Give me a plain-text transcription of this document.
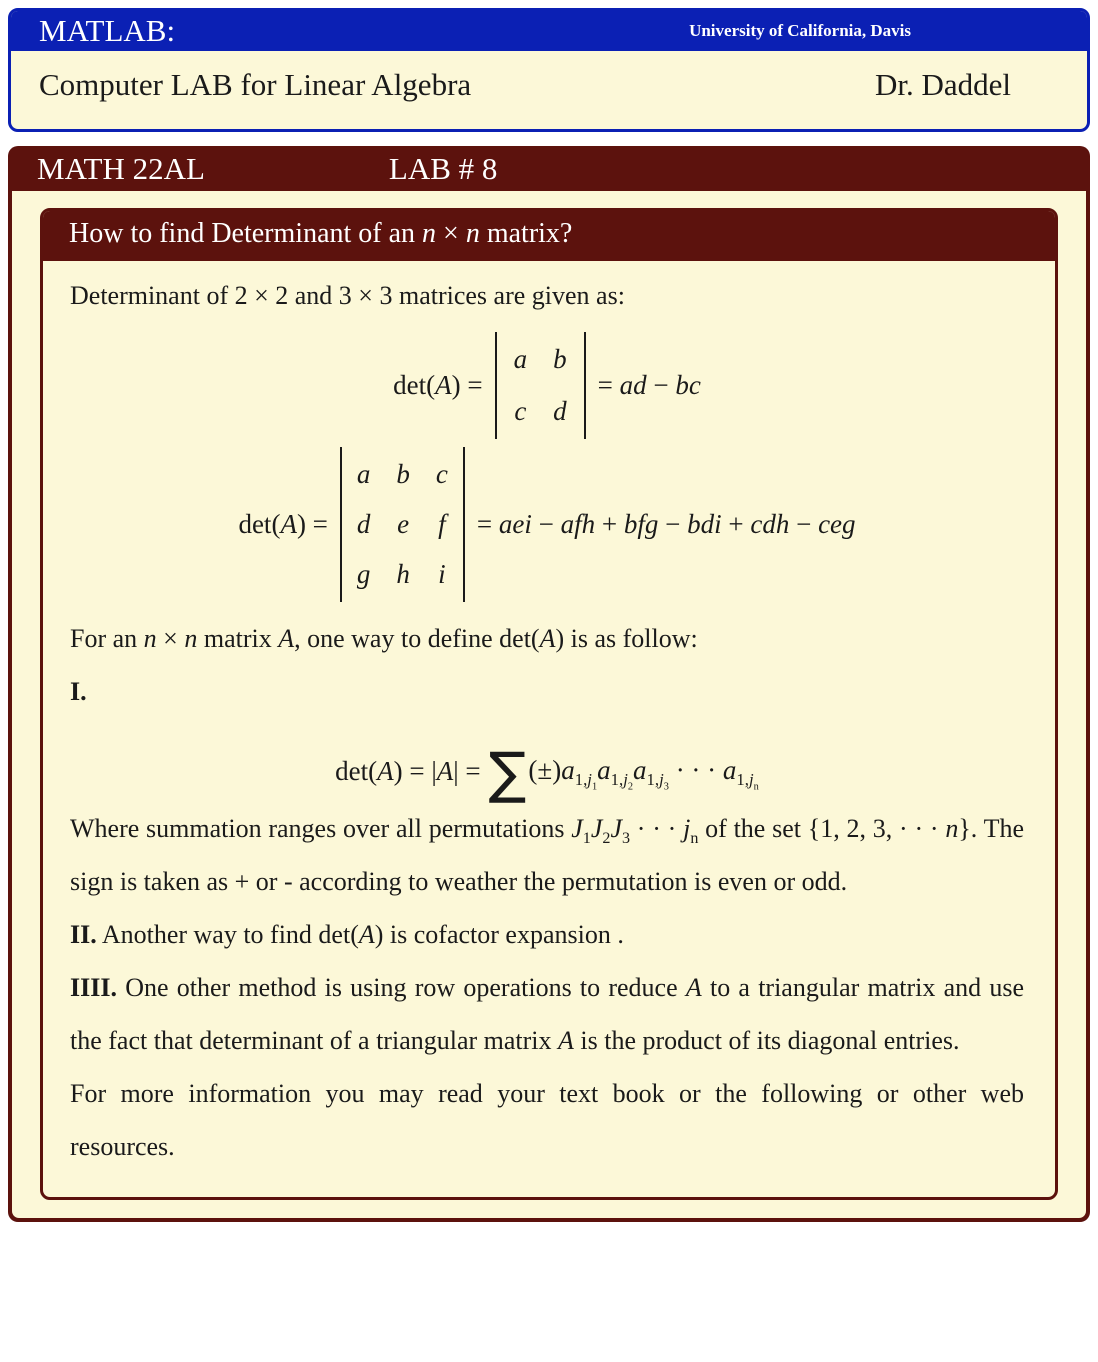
MATLAB:	University of California, Davis
Computer LAB for Linear Algebra	Dr. Daddel
MATH 22AL	LAB # 8
How to find Determinant of an n × n matrix?

Determinant of 2 × 2 and 3 × 3 matrices are given as:

det(A) =
a b
c d
= ad − bc
det(A) =
a b c
d e f
g h i
= aei − afh + bfg − bdi + cdh − ceg

For an n × n matrix A, one way to define det(A) is as follow:

I.

det(A) = |A| = ∑ $(\pm)a_{1,j_1}a_{1,j_2}a_{1,j_3}$ · · · $a_{1,j_n}$

Where summation ranges over all permutations $J_1J_2J_3$ · · · $j_n$ of the set {1, 2, 3, · · · n}. The sign is taken as + or - according to weather the permutation is even or odd.

II. Another way to find det(A) is cofactor expansion .

IIII. One other method is using row operations to reduce A to a triangular matrix and use the fact that determinant of a triangular matrix A is the product of its diagonal entries.

For more information you may read your text book or the following or other web resources.
